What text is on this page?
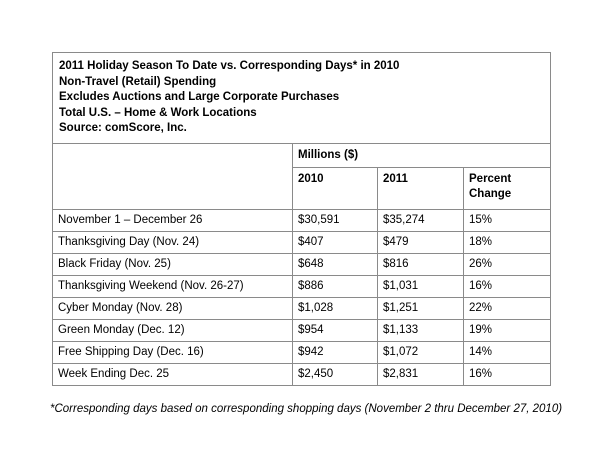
2011 Holiday Season To Date vs. Corresponding Days* in 2010
Non-Travel (Retail) Spending
Excludes Auctions and Large Corporate Purchases
Total U.S. – Home & Work Locations
Source: comScore, Inc.			

	Millions ($)		
	2010	2011	Percent Change
November 1 – December 26	$30,591	$35,274	15%
Thanksgiving Day (Nov. 24)	$407	$479	18%
Black Friday (Nov. 25)	$648	$816	26%
Thanksgiving Weekend (Nov. 26-27)	$886	$1,031	16%
Cyber Monday (Nov. 28)	$1,028	$1,251	22%
Green Monday (Dec. 12)	$954	$1,133	19%
Free Shipping Day (Dec. 16)	$942	$1,072	14%
Week Ending Dec. 25	$2,450	$2,831	16%
*Corresponding days based on corresponding shopping days (November 2 thru December 27, 2010)
